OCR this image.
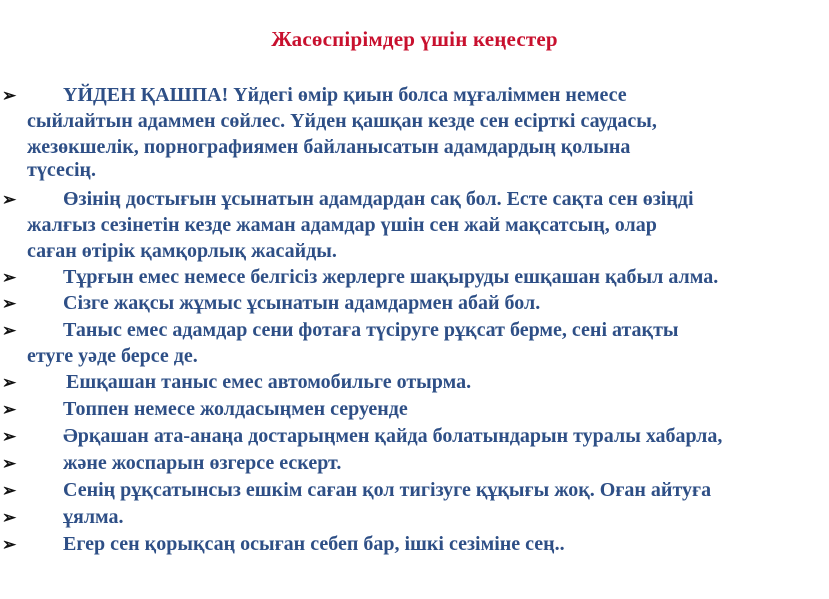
Жасөспірімдер үшін кеңестер
➢ ҮЙДЕН ҚАШПА! Үйдегі өмір қиын болса мұғаліммен немесе
сыйлайтын адаммен сөйлес. Үйден қашқан кезде сен есірткі саудасы,
жезөкшелік, порнографиямен байланысатын адамдардың қолына
түсесің.
➢ Өзінің достығын ұсынатын адамдардан сақ бол. Есте сақта сен өзіңді
жалғыз сезінетін кезде жаман адамдар үшін сен жай мақсатсың, олар
саған өтірік қамқорлық жасайды.
➢ Тұрғын емес немесе белгісіз жерлерге шақыруды ешқашан қабыл алма.
➢ Сізге жақсы жұмыс ұсынатын адамдармен абай бол.
➢ Таныс емес адамдар сени фотаға түсіруге рұқсат берме, сені атақты
етуге уәде берсе де.
➢ Ешқашан таныс емес автомобильге отырма.
➢ Топпен немесе жолдасыңмен серуенде
➢ Әрқашан ата-анаңа достарыңмен қайда болатындарын туралы хабарла,
➢ және жоспарын өзгерсе ескерт.
➢ Сенің рұқсатынсыз ешкім саған қол тигізуге құқығы жоқ. Оған айтуға
➢ ұялма.
➢ Егер сен қорықсаң осыған себеп бар, ішкі сезіміне сең..
